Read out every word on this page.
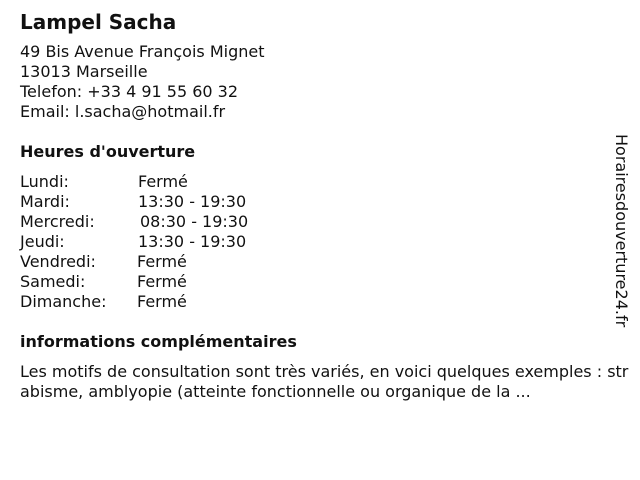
Lampel Sacha
49 Bis Avenue François Mignet
13013 Marseille
Telefon: +33 4 91 55 60 32
Email: l.sacha@hotmail.fr
Heures d'ouverture
Lundi:	Fermé
Mardi:	13:30 - 19:30
Mercredi:	08:30 - 19:30
Jeudi:	13:30 - 19:30
Vendredi:	Fermé
Samedi:	Fermé
Dimanche:	Fermé
informations complémentaires
Les motifs de consultation sont très variés, en voici quelques exemples : strabisme, amblyopie (atteinte fonctionnelle ou organique de la ...
Horairesdouverture24.fr
